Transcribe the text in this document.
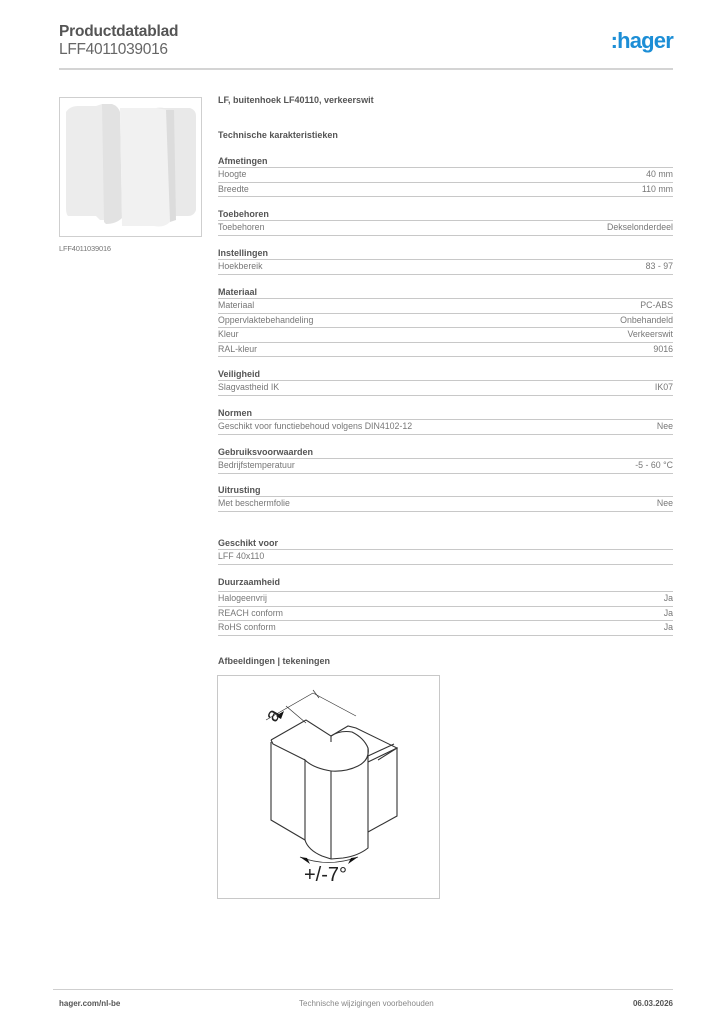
Productdatablad
LFF4011039016	:hager
LFF4011039016
LF, buitenhoek LF40110, verkeerswit
Technische karakteristieken
Afmetingen
Hoogte	40 mm
Breedte	110 mm
Toebehoren
Toebehoren	Dekselonderdeel
Instellingen
Hoekbereik	83 - 97
Materiaal
Materiaal	PC-ABS
Oppervlaktebehandeling	Onbehandeld
Kleur	Verkeerswit
RAL-kleur	9016
Veiligheid
Slagvastheid IK	IK07
Normen
Geschikt voor functiebehoud volgens DIN4102-12	Nee
Gebruiksvoorwaarden
Bedrijfstemperatuur	-5 - 60 °C
Uitrusting
Met beschermfolie	Nee
Geschikt voor
LFF 40x110
Duurzaamheid
Halogeenvrij	Ja
REACH conform	Ja
RoHS conform	Ja
Afbeeldingen | tekeningen
a
+/-7°
hager.com/nl-be	Technische wijzigingen voorbehouden	06.03.2026
